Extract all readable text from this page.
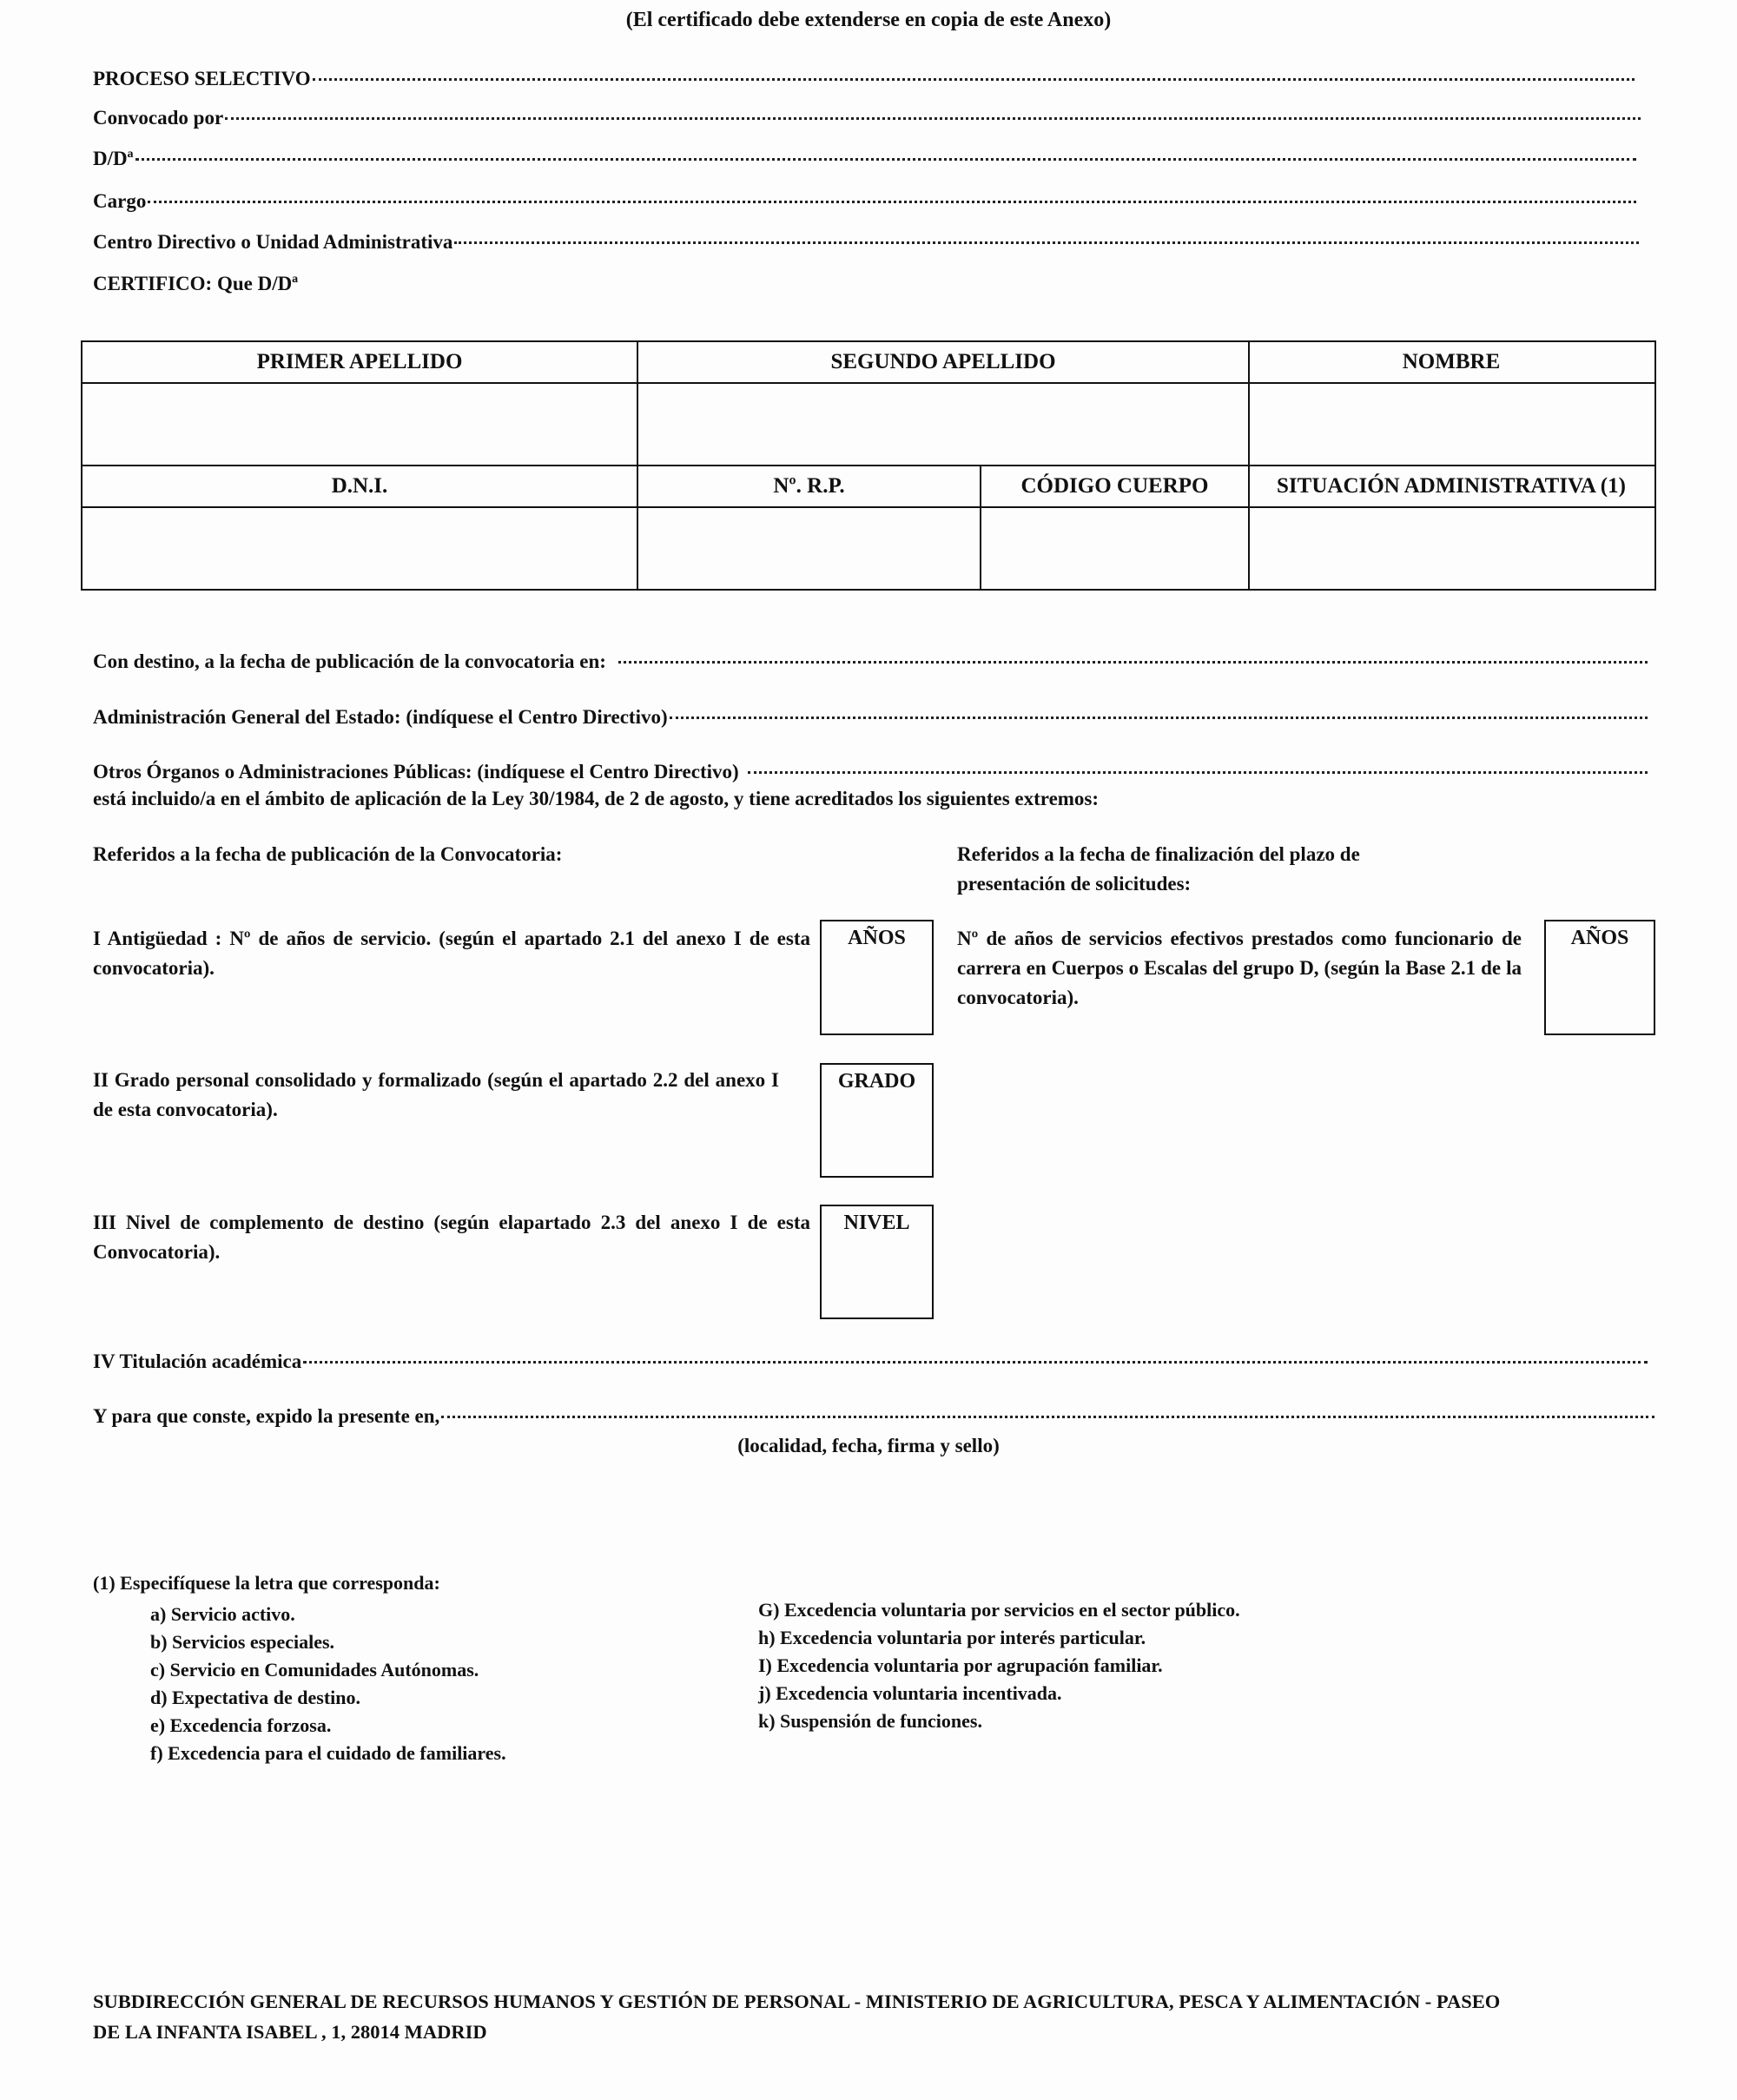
(El certificado debe extenderse en copia de este Anexo)
PROCESO SELECTIVO
Convocado por
D/Dª
Cargo
Centro Directivo o Unidad Administrativa
CERTIFICO: Que D/Dª
PRIMER APELLIDO	SEGUNDO APELLIDO	NOMBRE
D.N.I.	Nº. R.P.	CÓDIGO CUERPO	SITUACIÓN ADMINISTRATIVA (1)
Con destino, a la fecha de publicación de la convocatoria en:
Administración General del Estado: (indíquese el Centro Directivo)
Otros Órganos o Administraciones Públicas: (indíquese el Centro Directivo)
está incluido/a en el ámbito de aplicación de la Ley 30/1984, de 2 de agosto, y tiene acreditados los siguientes extremos:
Referidos a la fecha de publicación de la Convocatoria:	Referidos a la fecha de finalización del plazo de
presentación de solicitudes:
I Antigüedad : Nº de años de servicio. (según el apartado 2.1 del anexo I de esta convocatoria).
AÑOS	Nº de años de servicios efectivos prestados como funcionario de carrera en Cuerpos o Escalas del grupo D, (según la Base 2.1 de la convocatoria).
AÑOS
II Grado personal consolidado y formalizado (según el apartado 2.2 del anexo I de esta convocatoria).
GRADO
III Nivel de complemento de destino (según elapartado 2.3 del anexo I de esta Convocatoria).
NIVEL
IV Titulación académica
Y para que conste, expido la presente en,
(localidad, fecha, firma y sello)
(1) Especifíquese la letra que corresponda:
a) Servicio activo.
b) Servicios especiales.
c) Servicio en Comunidades Autónomas.
d) Expectativa de destino.
e) Excedencia forzosa.
f) Excedencia para el cuidado de familiares.
G) Excedencia voluntaria por servicios en el sector público.
h) Excedencia voluntaria por interés particular.
I) Excedencia voluntaria por agrupación familiar.
j) Excedencia voluntaria incentivada.
k) Suspensión de funciones.
SUBDIRECCIÓN GENERAL DE RECURSOS HUMANOS Y GESTIÓN DE PERSONAL - MINISTERIO DE AGRICULTURA, PESCA Y ALIMENTACIÓN - PASEO
DE LA INFANTA ISABEL , 1, 28014 MADRID
